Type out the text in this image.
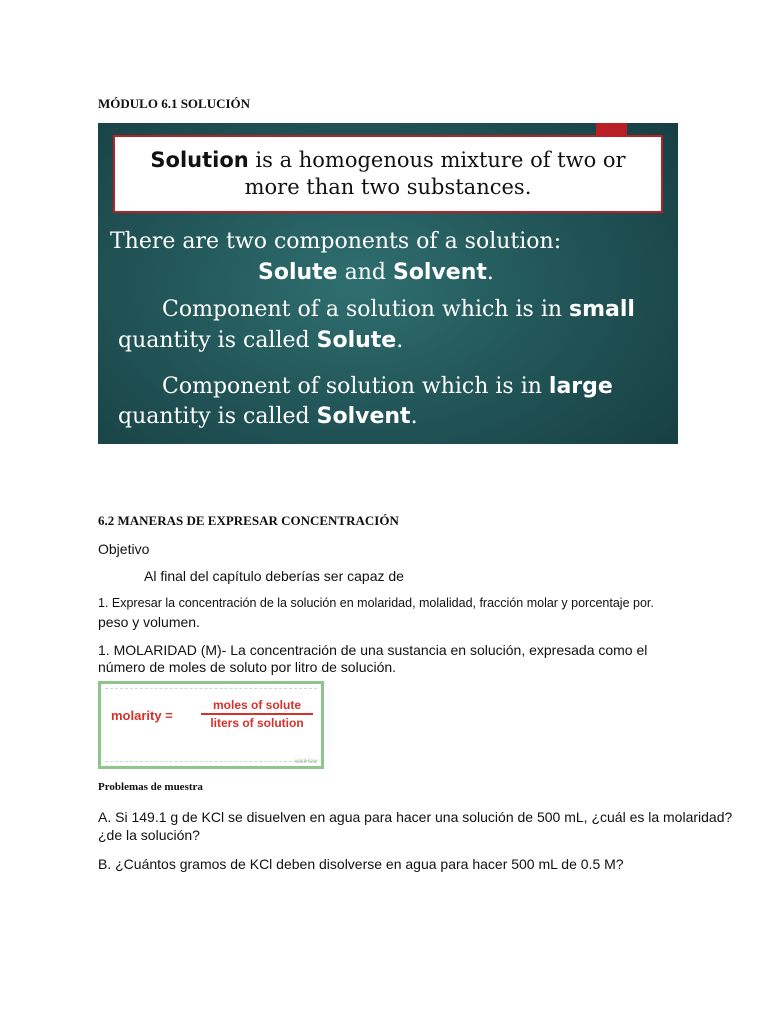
MÓDULO 6.1 SOLUCIÓN
Solution is a homogenous mixture of two or
more than two substances.
There are two components of a solution:
Solute and Solvent.
Component of a solution which is in small
quantity is called Solute.
Component of solution which is in large
quantity is called Solvent.
6.2 MANERAS DE EXPRESAR CONCENTRACIÓN
Objetivo
Al final del capítulo deberías ser capaz de
1. Expresar la concentración de la solución en molaridad, molalidad, fracción molar y porcentaje por.
peso y volumen.
1. MOLARIDAD (M)- La concentración de una sustancia en solución, expresada como el
número de moles de soluto por litro de solución.
molarity =
moles of solute
liters of solution
wikiHow
Problemas de muestra
A. Si 149.1 g de KCl se disuelven en agua para hacer una solución de 500 mL, ¿cuál es la molaridad?
¿de la solución?
B. ¿Cuántos gramos de KCl deben disolverse en agua para hacer 500 mL de 0.5 M?
